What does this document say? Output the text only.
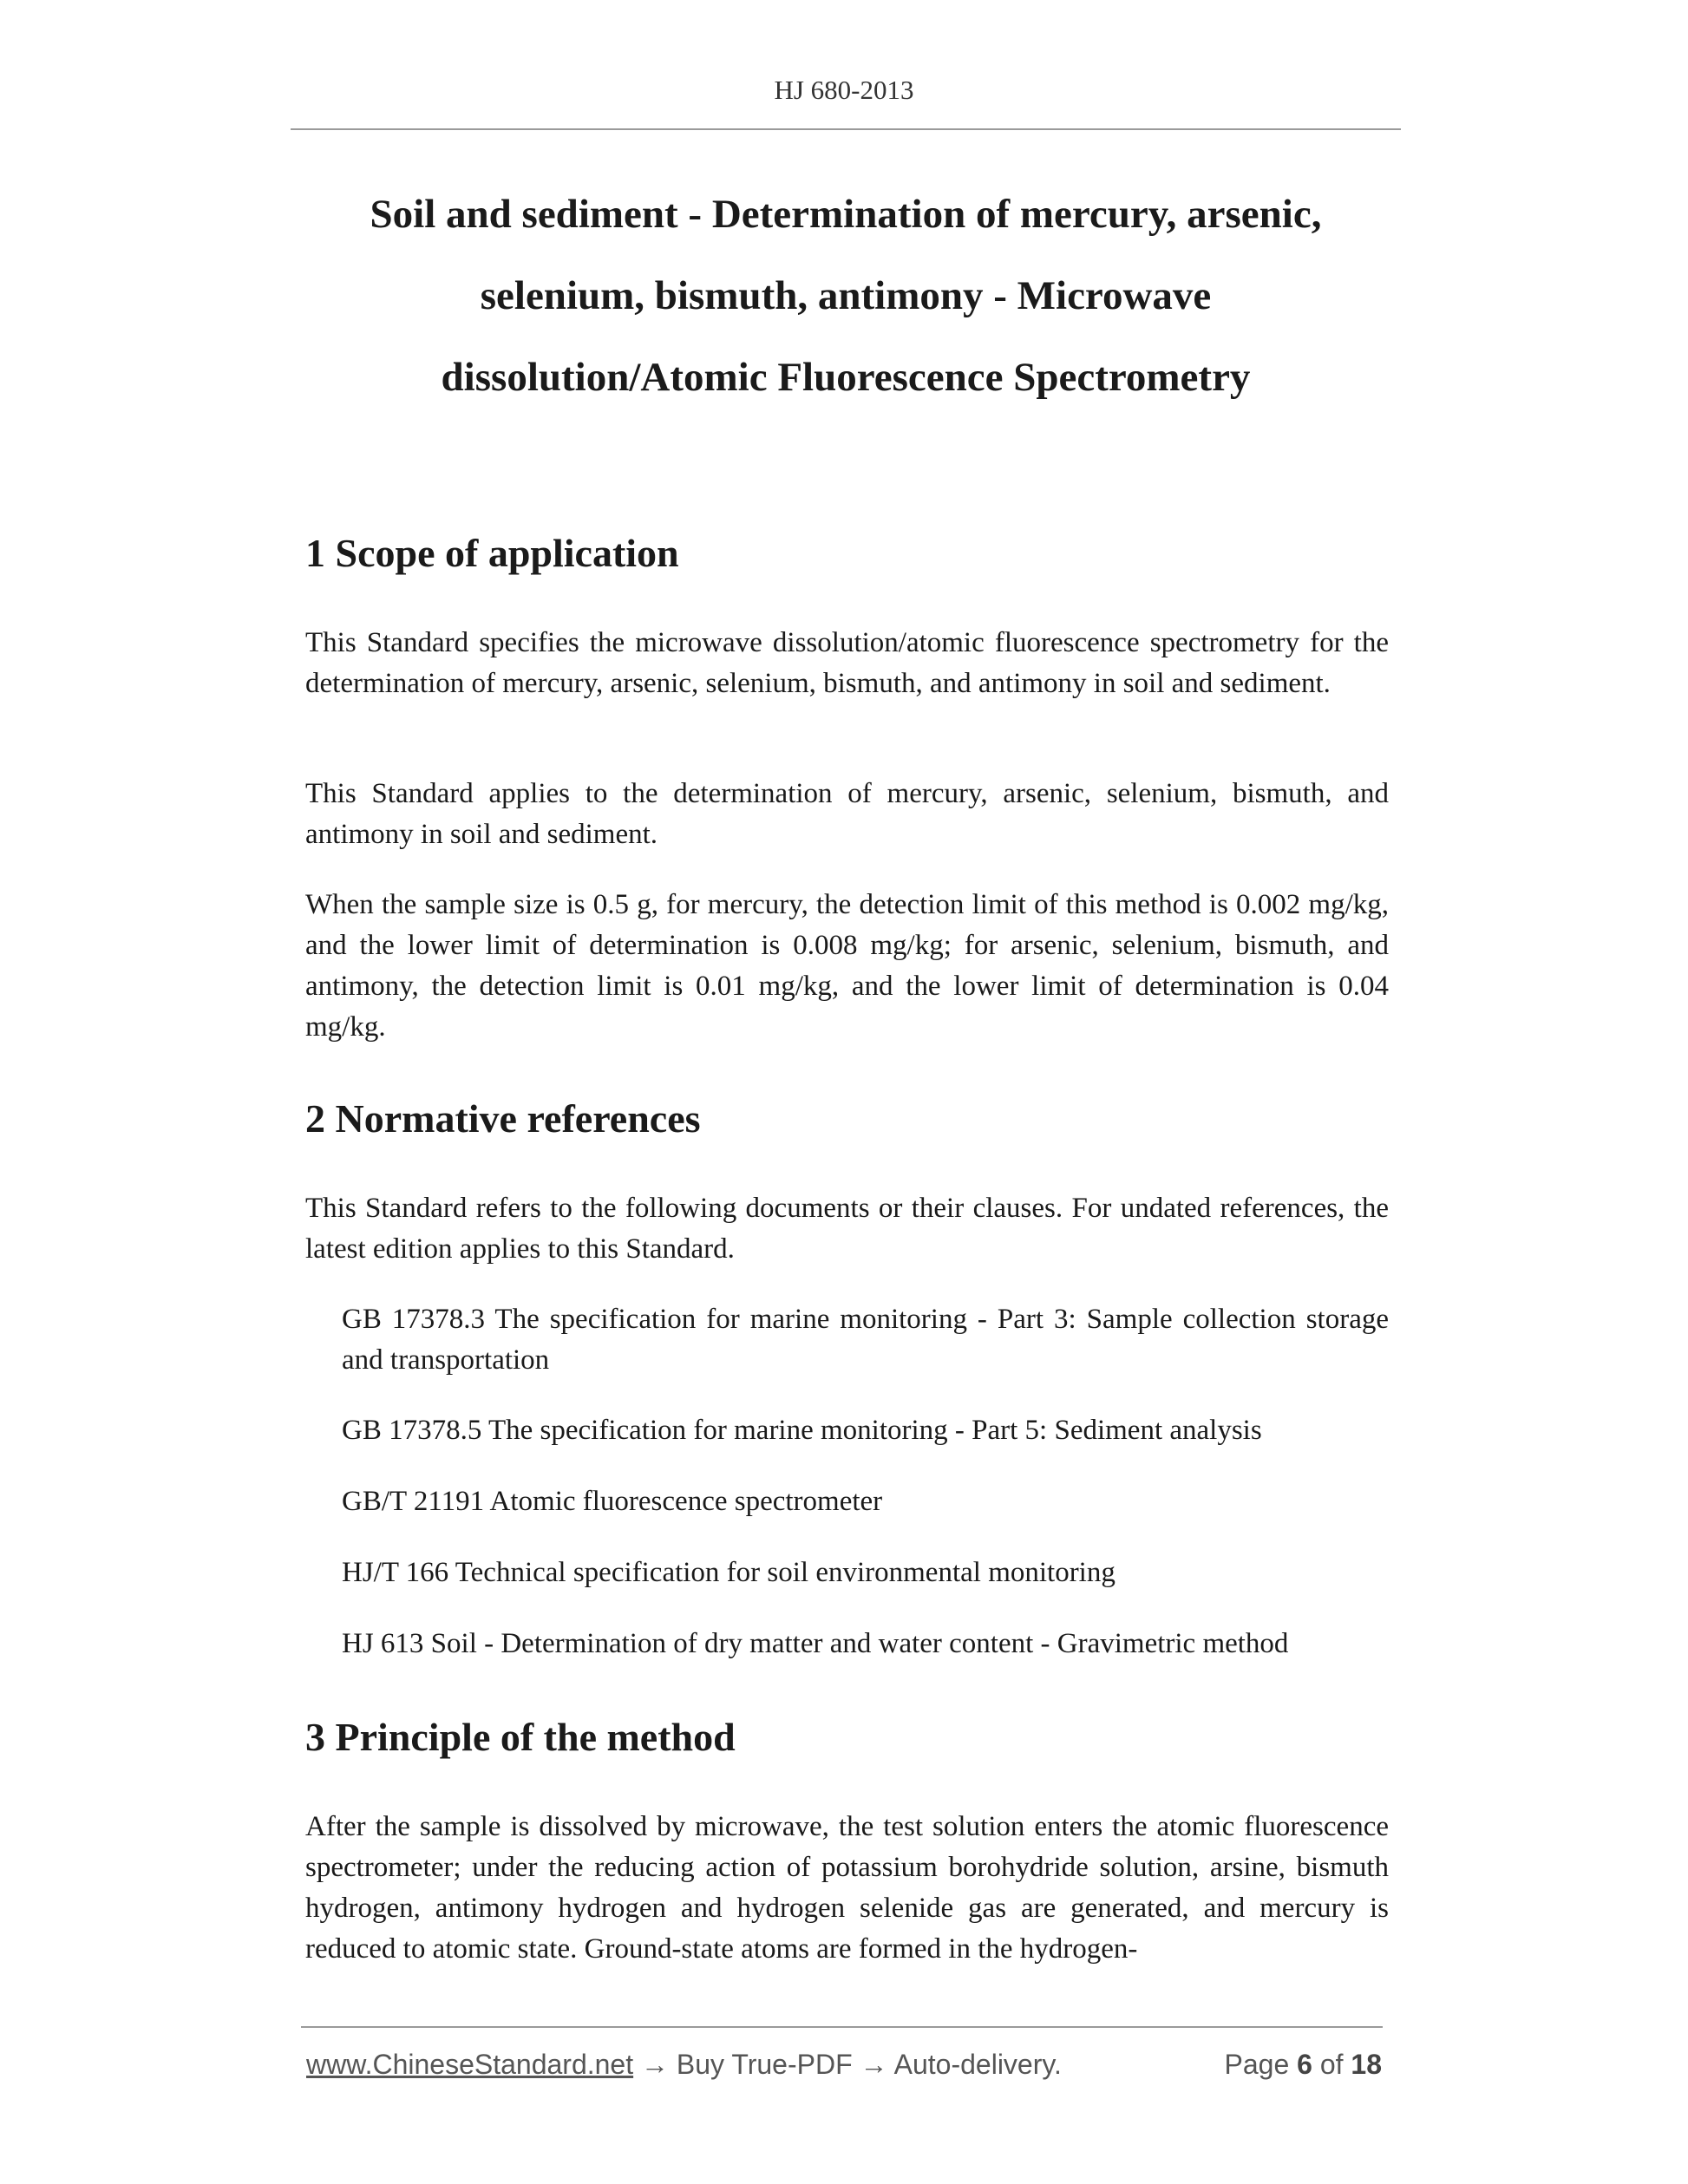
HJ 680-2013
Soil and sediment - Determination of mercury, arsenic,
selenium, bismuth, antimony - Microwave
dissolution/Atomic Fluorescence Spectrometry
1 Scope of application

This Standard specifies the microwave dissolution/atomic fluorescence spectrometry for the determination of mercury, arsenic, selenium, bismuth, and antimony in soil and sediment.

This Standard applies to the determination of mercury, arsenic, selenium, bismuth, and antimony in soil and sediment.

When the sample size is 0.5 g, for mercury, the detection limit of this method is 0.002 mg/kg, and the lower limit of determination is 0.008 mg/kg; for arsenic, selenium, bismuth, and antimony, the detection limit is 0.01 mg/kg, and the lower limit of determination is 0.04 mg/kg.

2 Normative references

This Standard refers to the following documents or their clauses. For undated references, the latest edition applies to this Standard.

GB 17378.3 The specification for marine monitoring - Part 3: Sample collection storage and transportation

GB 17378.5 The specification for marine monitoring - Part 5: Sediment analysis

GB/T 21191 Atomic fluorescence spectrometer

HJ/T 166 Technical specification for soil environmental monitoring

HJ 613 Soil - Determination of dry matter and water content - Gravimetric method

3 Principle of the method

After the sample is dissolved by microwave, the test solution enters the atomic fluorescence spectrometer; under the reducing action of potassium borohydride solution, arsine, bismuth hydrogen, antimony hydrogen and hydrogen selenide gas are generated, and mercury is reduced to atomic state. Ground-state atoms are formed in the hydrogen-

www.ChineseStandard.net → Buy True-PDF → Auto-delivery.	Page 6 of 18
